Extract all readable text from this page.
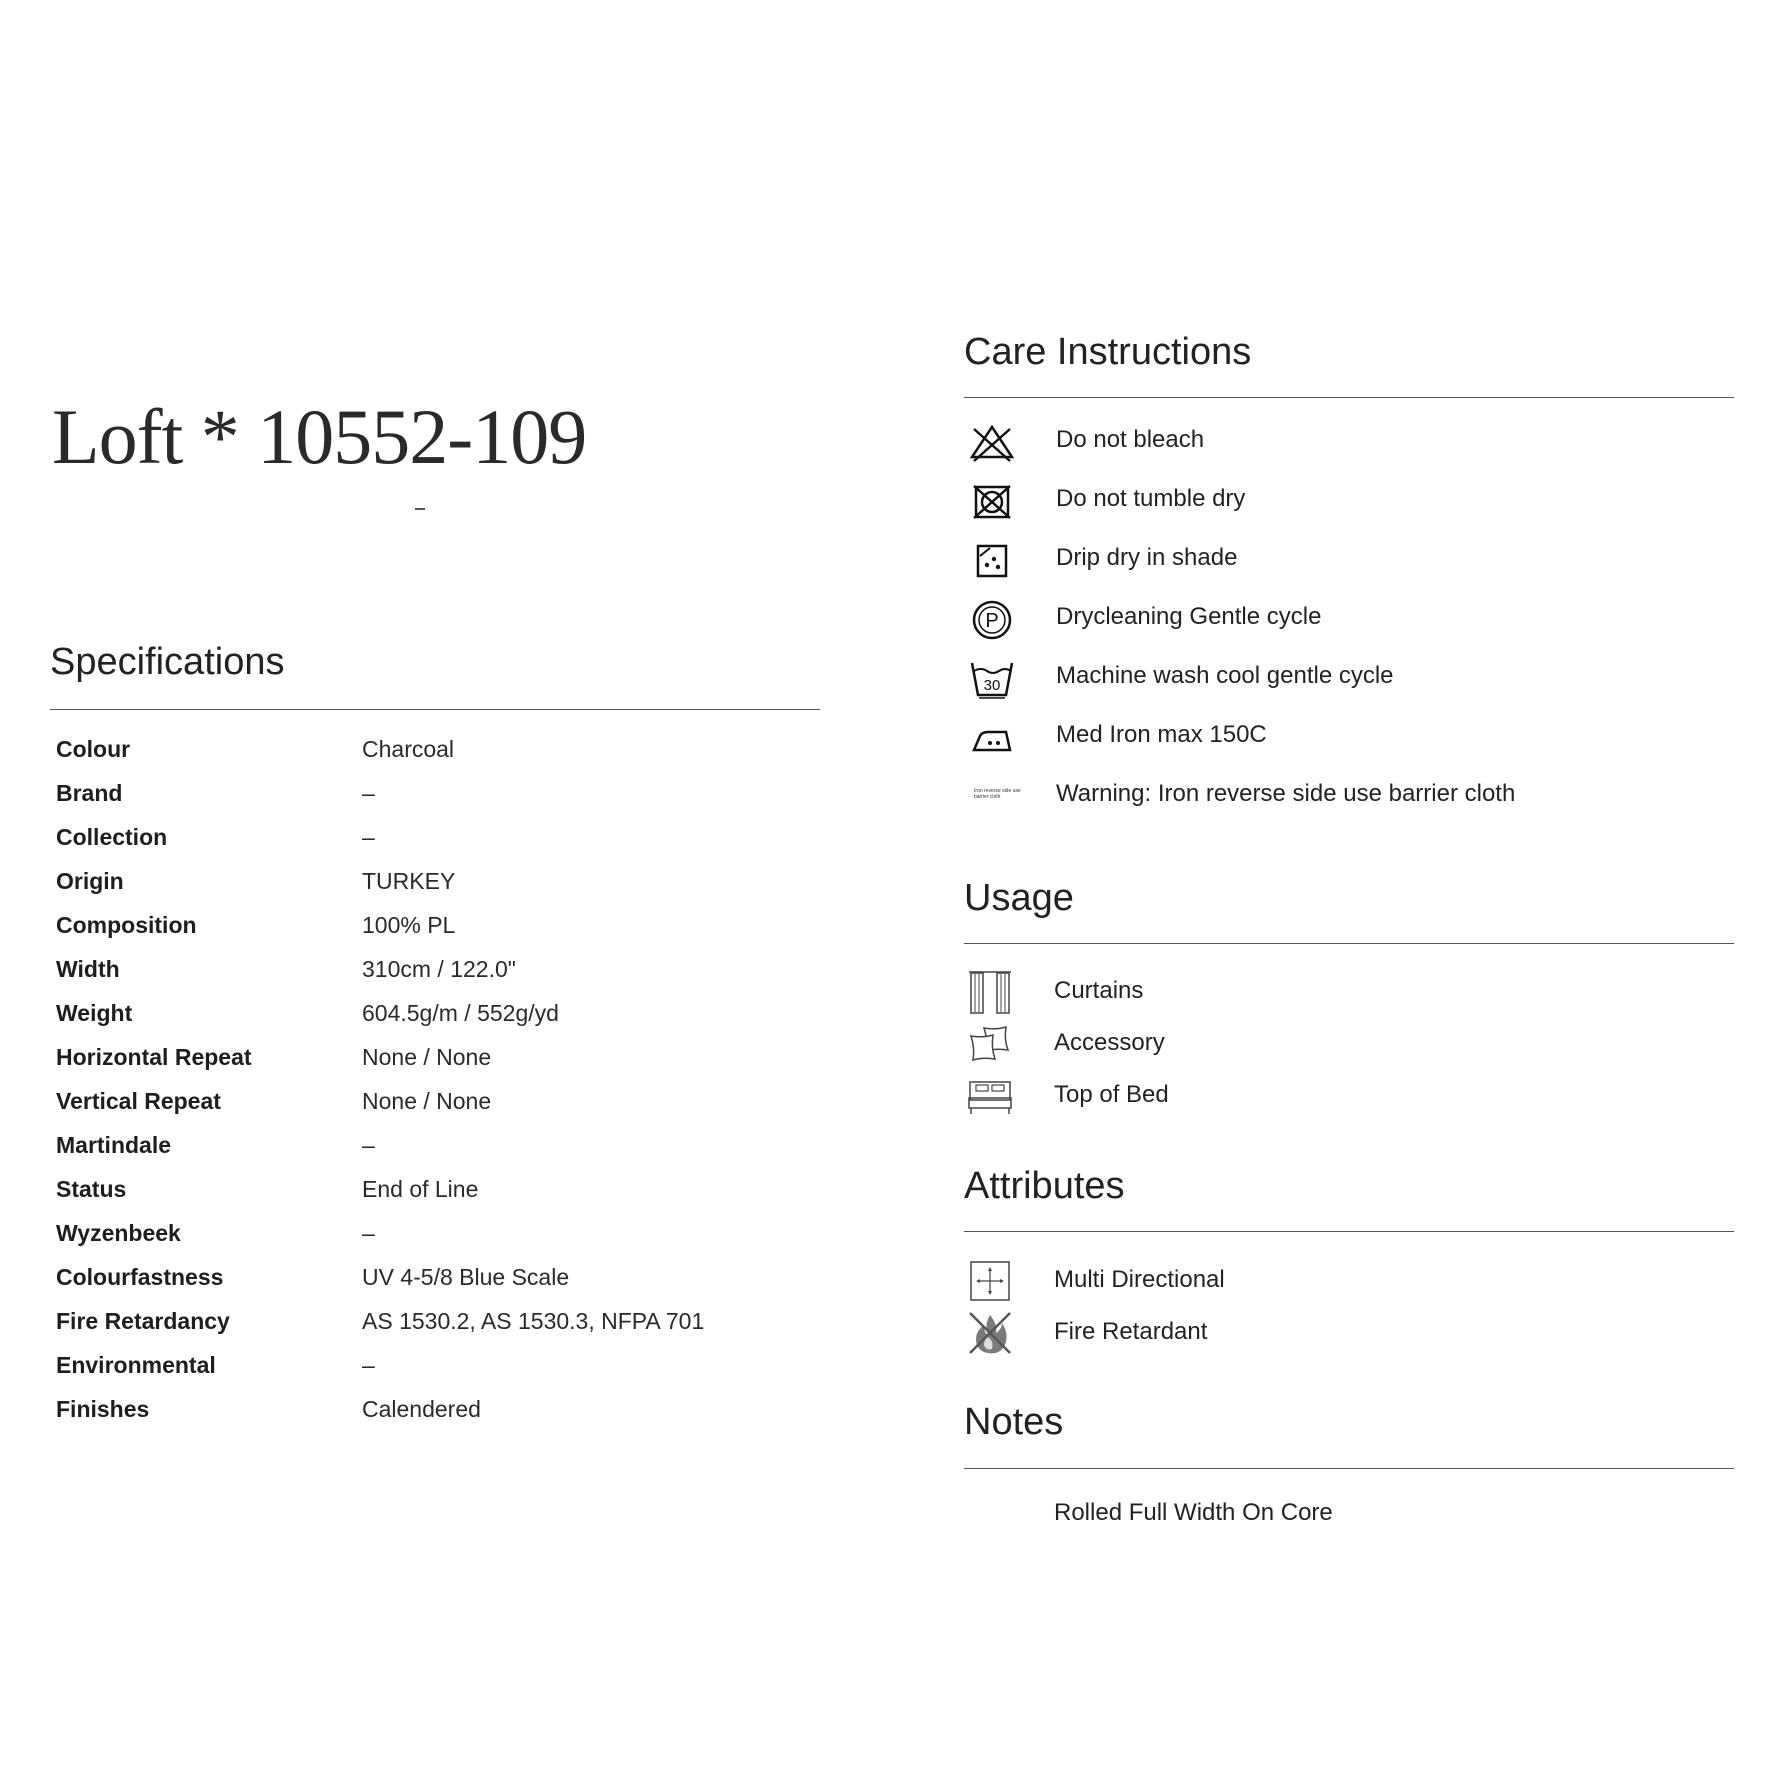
Loft * 10552-109
Specifications
Colour	Charcoal
Brand	–
Collection	–
Origin	TURKEY
Composition	100% PL
Width	310cm / 122.0"
Weight	604.5g/m / 552g/yd
Horizontal Repeat	None / None
Vertical Repeat	None / None
Martindale	–
Status	End of Line
Wyzenbeek	–
Colourfastness	UV 4-5/8 Blue Scale
Fire Retardancy	AS 1530.2, AS 1530.3, NFPA 701
Environmental	–
Finishes	Calendered
Care Instructions
Do not bleach
Do not tumble dry
Drip dry in shade
P Drycleaning Gentle cycle
30 Machine wash cool gentle cycle
Med Iron max 150C
Iron reverse side use barrier cloth	Warning: Iron reverse side use barrier cloth
Usage
Curtains
Accessory
Top of Bed
Attributes
Multi Directional
Fire Retardant
Notes
Rolled Full Width On Core
